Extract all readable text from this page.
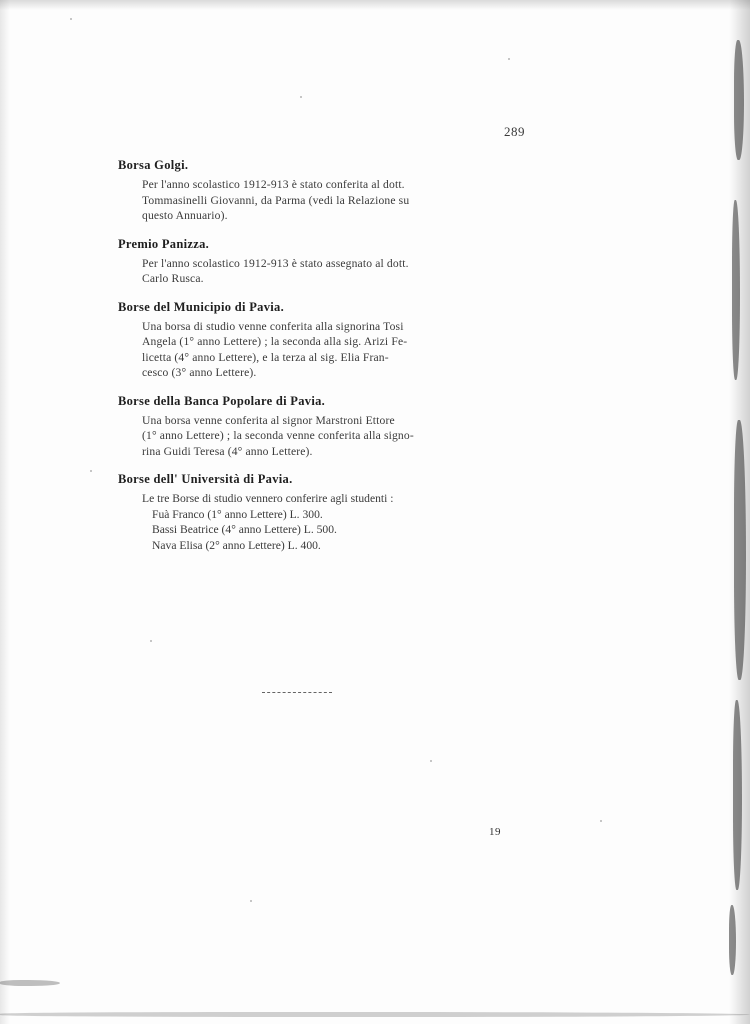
289
Borsa Golgi.
Per l'anno scolastico 1912-913 è stato conferita al dott.
Tommasinelli Giovanni, da Parma (vedi la Relazione su
questo Annuario).
Premio Panizza.
Per l'anno scolastico 1912-913 è stato assegnato al dott.
Carlo Rusca.
Borse del Municipio di Pavia.
Una borsa di studio venne conferita alla signorina Tosi
Angela (1° anno Lettere) ; la seconda alla sig. Arizi Fe-
licetta (4° anno Lettere), e la terza al sig. Elia Fran-
cesco (3° anno Lettere).
Borse della Banca Popolare di Pavia.
Una borsa venne conferita al signor Marstroni Ettore
(1° anno Lettere) ; la seconda venne conferita alla signo-
rina Guidi Teresa (4° anno Lettere).
Borse dell' Università di Pavia.
Le tre Borse di studio vennero conferire agli studenti :
Fuà Franco (1° anno Lettere) L. 300.
Bassi Beatrice (4° anno Lettere) L. 500.
Nava Elisa (2° anno Lettere) L. 400.
19
